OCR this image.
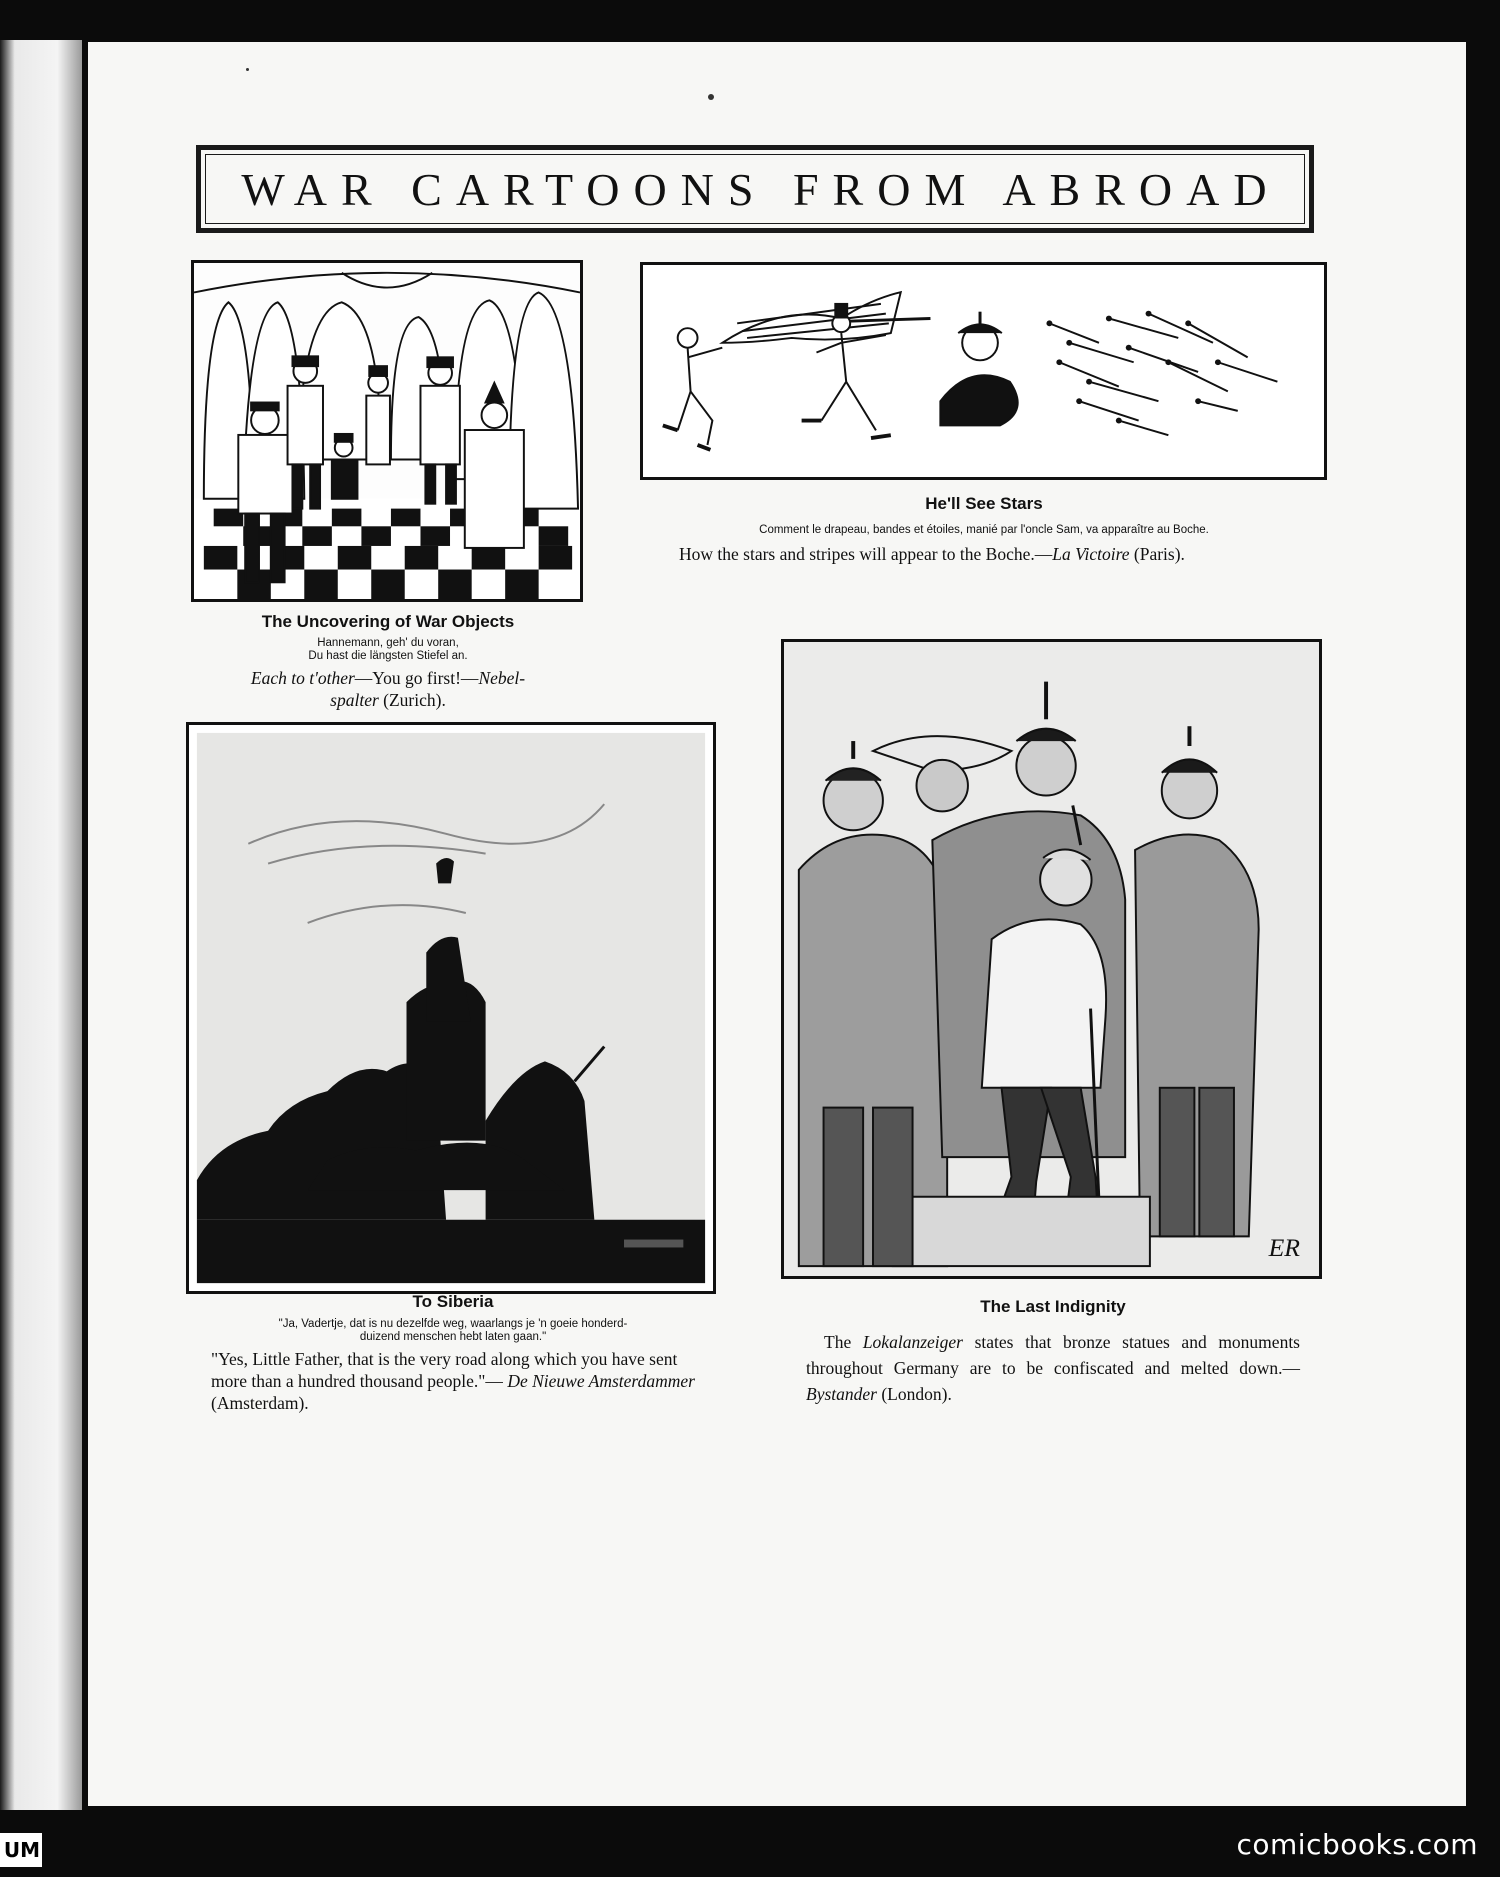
WAR CARTOONS FROM ABROAD
The Uncovering of War Objects
Hannemann, geh' du voran,
Du hast die längsten Stiefel an.
Each to t'other—You go first!—Nebel-spalter (Zurich).
He'll See Stars
Comment le drapeau, bandes et étoiles, manié par l'oncle Sam, va apparaître au Boche.
How the stars and stripes will appear to the Boche.—La Victoire (Paris).
To Siberia
"Ja, Vadertje, dat is nu dezelfde weg, waarlangs je 'n goeie honderd-
duizend menschen hebt laten gaan."
"Yes, Little Father, that is the very road along which you have sent more than a hundred thousand people."— De Nieuwe Amsterdammer (Amsterdam).
ER
The Last Indignity
The Lokalanzeiger states that bronze statues and monuments throughout Germany are to be confiscated and melted down.—Bystander (London).
UM	comicbooks.com
